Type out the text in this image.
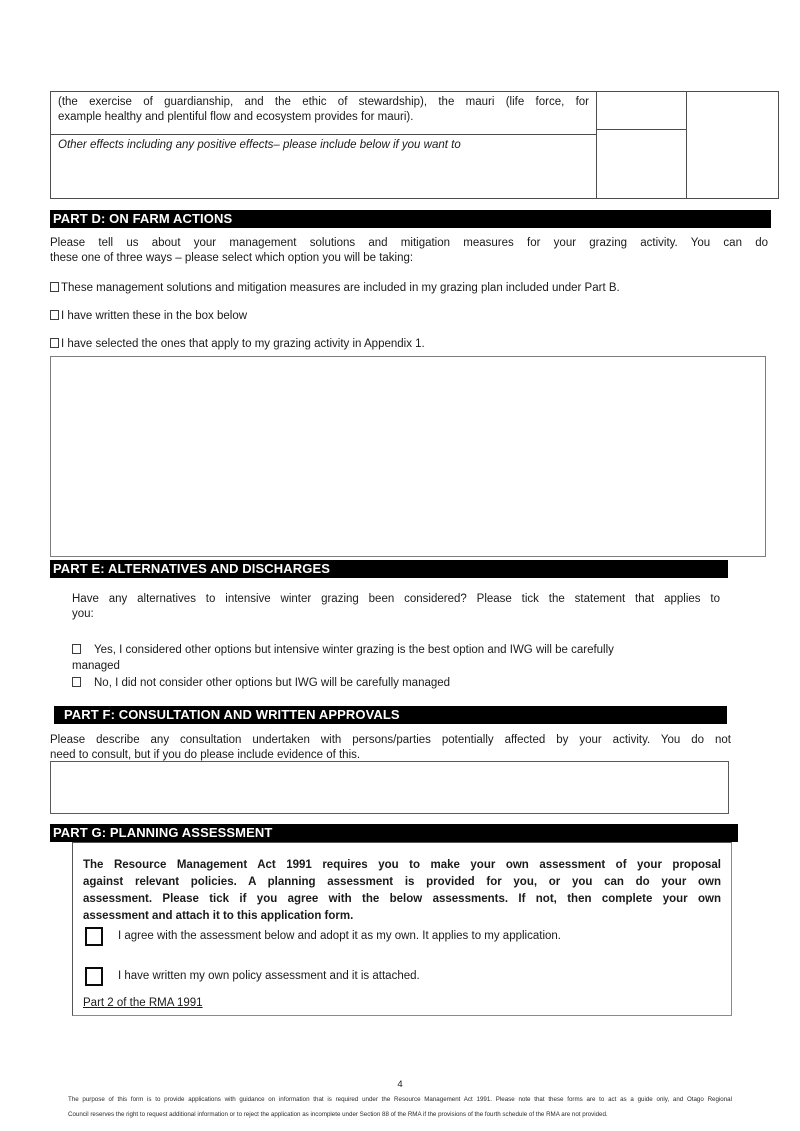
(the exercise of guardianship, and the ethic of stewardship), the mauri (life force, for
example healthy and plentiful flow and ecosystem provides for mauri).
Other effects including any positive effects– please include below if you want to
PART D: ON FARM ACTIONS
Please tell us about your management solutions and mitigation measures for your grazing activity. You can do
these one of three ways – please select which option you will be taking:
These management solutions and mitigation measures are included in my grazing plan included under Part B.
I have written these in the box below
I have selected the ones that apply to my grazing activity in Appendix 1.
PART E: ALTERNATIVES AND DISCHARGES
Have any alternatives to intensive winter grazing been considered? Please tick the statement that applies to
you:
Yes, I considered other options but intensive winter grazing is the best option and IWG will be carefully
managed
No, I did not consider other options but IWG will be carefully managed
PART F: CONSULTATION AND WRITTEN APPROVALS
Please describe any consultation undertaken with persons/parties potentially affected by your activity. You do not
need to consult, but if you do please include evidence of this.
PART G: PLANNING ASSESSMENT
The Resource Management Act 1991 requires you to make your own assessment of your proposal
against relevant policies. A planning assessment is provided for you, or you can do your own
assessment. Please tick if you agree with the below assessments. If not, then complete your own
assessment and attach it to this application form.
I agree with the assessment below and adopt it as my own. It applies to my application.
I have written my own policy assessment and it is attached.
Part 2 of the RMA 1991
4
The purpose of this form is to provide applications with guidance on information that is required under the Resource Management Act 1991. Please note that these forms are to act as a guide only, and Otago Regional
Council reserves the right to request additional information or to reject the application as incomplete under Section 88 of the RMA if the provisions of the fourth schedule of the RMA are not provided.
